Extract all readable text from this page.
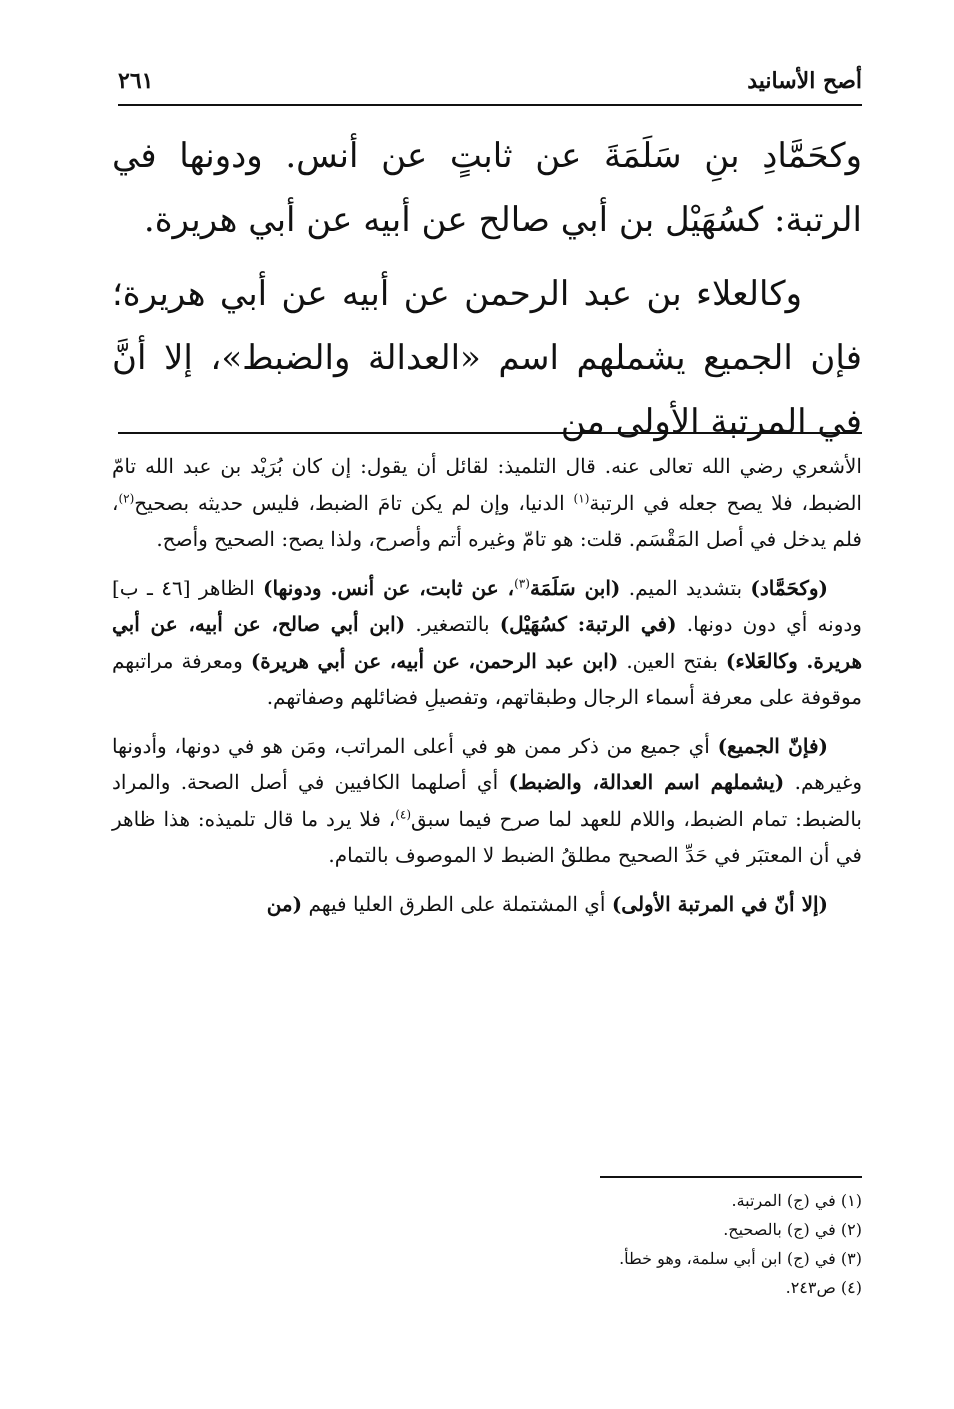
أصح الأسانيد
٢٦١

وكحَمَّادِ بنِ سَلَمَةَ عن ثابتٍ عن أنس. ودونها في الرتبة: كسُهَيْل بن أبي صالح عن أبيه عن أبي هريرة.

وكالعلاء بن عبد الرحمن عن أبيه عن أبي هريرة؛ فإن الجميع يشملهم اسم «العدالة والضبط»، إلا أنَّ في المرتبة الأولى من

الأشعري رضي الله تعالى عنه. قال التلميذ: لقائل أن يقول: إن كان بُرَيْد بن عبد الله تامّ الضبط، فلا يصح جعله في الرتبة$^{(١)}$ الدنيا، وإن لم يكن تامَ الضبط، فليس حديثه بصحيح$^{(٢)}$، فلم يدخل في أصل المَقْسَم. قلت: هو تامّ وغيره أتم وأصرح، ولذا يصح: الصحيح وأصح.

(وكحَمَّاد) بتشديد الميم. (ابن سَلَمَة$^{(٣)}$، عن ثابت، عن أنس. ودونها) الظاهر [٤٦ ـ ب] ودونه أي دون دونها. (في الرتبة: كسُهَيْل) بالتصغير. (ابن أبي صالح، عن أبيه، عن أبي هريرة. وكالعَلاء) بفتح العين. (ابن عبد الرحمن، عن أبيه، عن أبي هريرة) ومعرفة مراتبهم موقوفة على معرفة أسماء الرجال وطبقاتهم، وتفصيلِ فضائلهم وصفاتهم.

(فإنّ الجميع) أي جميع من ذكر ممن هو في أعلى المراتب، ومَن هو في دونها، وأدونها وغيرهم. (يشملهم اسم العدالة، والضبط) أي أصلهما الكافيين في أصل الصحة. والمراد بالضبط: تمام الضبط، واللام للعهد لما صرح فيما سبق$^{(٤)}$، فلا يرد ما قال تلميذه: هذا ظاهر في أن المعتبَر في حَدِّ الصحيح مطلقُ الضبط لا الموصوف بالتمام.

(إلا أنّ في المرتبة الأولى) أي المشتملة على الطرق العليا فيهم (من

(١) في (ج) المرتبة.
(٢) في (ج) بالصحيح.
(٣) في (ج) ابن أبي سلمة، وهو خطأ.
(٤) ص٢٤٣.
